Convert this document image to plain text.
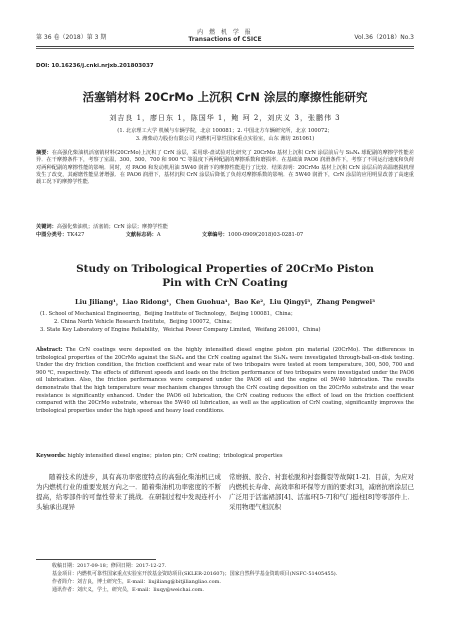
第 36 卷（2018）第 3 期
内 燃 机 学 报
Transactions of CSICE	Vol.36（2018）No.3
DOI: 10.16236/j.cnki.nrjxb.201803037
活塞销材料 20CrMo 上沉积 CrN 涂层的摩擦性能研究
刘吉良 1，廖日东 1，陈国华 1，鲍 珂 2，刘庆义 3，张鹏伟 3
(1. 北京理工大学 机械与车辆学院，北京 100081；2. 中国北方车辆研究所，北京 100072；
3. 潍柴动力股份有限公司 内燃机可靠性国家重点实验室，山东 潍坊 261061)
摘要：在高强化柴油机活塞销材料(20CrMo)上沉积了 CrN 涂层，采用球-盘试验对比研究了 20CrMo 基材上沉积 CrN 涂层前后与 Si₃N₄ 球配副的摩擦学性能差异．在干摩擦条件下，考察了室温、300、500、700 和 900 ℃ 等温度下两种配副的摩擦系数和磨损率．在基础油 PAO6 润滑条件下，考察了不同运行速度和负荷对两种配副的摩擦性能的影响．同时，对 PAO6 和发动机用油 5W40 润滑下的摩擦性能进行了比较．结果表明：20CrMo 基材上沉积 CrN 涂层后的高温磨损机理发生了改变，其耐磨性能显著增强．在 PAO6 润滑下，基材沉积 CrN 涂层后降低了负荷对摩擦系数的影响．在 5W40 润滑下，CrN 涂层的应用明显改善了高速重载工况下的摩擦学性能．
关键词：高强化柴油机；活塞销；CrN 涂层；摩擦学性能
中图分类号：TK427	文献标志码：A	文章编号：1000-0909(2018)03-0281-07
Study on Tribological Properties of 20CrMo Piston
Pin with CrN Coating
Liu Jiliang¹，Liao Ridong¹，Chen Guohua¹，Bao Ke²，Liu Qingyi³，Zhang Pengwei³
(1. School of Mechanical Engineering，Beijing Institute of Technology，Beijing 100081，China；
2. China North Vehicle Research Institute，Beijing 100072，China；
3. State Key Laboratory of Engine Reliability，Weichai Power Company Limited，Weifang 261001，China)
Abstract: The CrN coatings were deposited on the highly intensified diesel engine piston pin material (20CrMo). The differences in tribological properties of the 20CrMo against the Si₃N₄ and the CrN coating against the Si₃N₄ were investigated through-ball-on-disk testing. Under the dry friction condition, the friction coefficient and wear rate of two tribopairs were tested at room temperature, 300, 500, 700 and 900 ℃, respectively. The effects of different speeds and loads on the friction performance of two tribopairs were investigated under the PAO6 oil lubrication. Also, the friction performances were compared under the PAO6 oil and the engine oil 5W40 lubrication. The results demonstrate that the high temperature wear mechanism changes through the CrN coating deposition on the 20CrMo substrate and the wear resistance is significantly enhanced. Under the PAO6 oil lubrication, the CrN coating reduces the effect of load on the friction coefficient compared with the 20CrMo substrate, whereas the 5W40 oil lubrication, as well as the application of CrN coating, significantly improves the tribological properties under the high speed and heavy load conditions.
Keywords: highly intensified diesel engine；piston pin；CrN coating；tribological properties
随着技术的进步，具有高功率密度特点的高强化柴油机已成为内燃机行业的重要发展方向之一．随着柴油机功率密度的不断提高，给零部件的可靠性带来了挑战．在研制过程中发现连杆小头轴承出现异
常磨损、胶合、衬套松脱和衬套撕裂等故障[1-2]．目前，为应对内燃机长寿命、高效率和环保等方面的要求[3]，减磨抗磨涂层已广泛用于活塞裙部[4]、活塞环[5-7]和气门挺柱[8]等零部件上．采用物理气相沉积
收稿日期：2017-09-18；修回日期：2017-12-27.
基金项目：内燃机可靠性国家重点实验室开放基金资助项目(SKLER-201607)；国家自然科学基金资助项目(NSFC-51405455).
作者简介：刘吉良，博士研究生，E-mail：liujiliang@bitjiliangliao.com.
通讯作者：刘庆义，学士，研究员，E-mail：liuqy@weichai.com.
